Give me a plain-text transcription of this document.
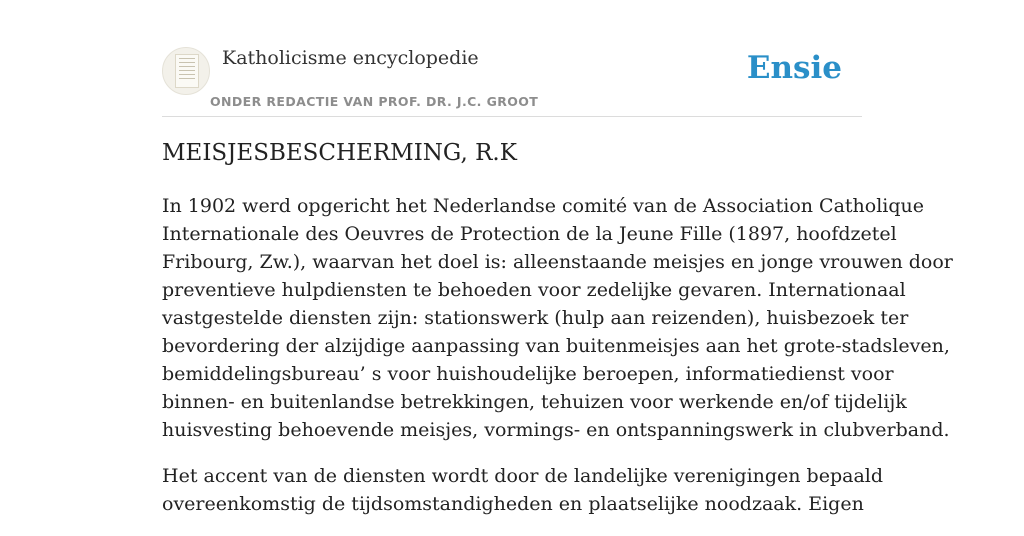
Katholicisme encyclopedie
ONDER REDACTIE VAN PROF. DR. J.C. GROOT
Ensie
MEISJESBESCHERMING, R.K

In 1902 werd opgericht het Nederlandse comité van de Association Catholique
Internationale des Oeuvres de Protection de la Jeune Fille (1897, hoofdzetel
Fribourg, Zw.), waarvan het doel is: alleenstaande meisjes en jonge vrouwen door
preventieve hulpdiensten te behoeden voor zedelijke gevaren. Internationaal
vastgestelde diensten zijn: stationswerk (hulp aan reizenden), huisbezoek ter
bevordering der alzijdige aanpassing van buitenmeisjes aan het grote-stadsleven,
bemiddelingsbureau’ s voor huishoudelijke beroepen, informatiedienst voor
binnen- en buitenlandse betrekkingen, tehuizen voor werkende en/of tijdelijk
huisvesting behoevende meisjes, vormings- en ontspanningswerk in clubverband.

Het accent van de diensten wordt door de landelijke verenigingen bepaald
overeenkomstig de tijdsomstandigheden en plaatselijke noodzaak. Eigen
